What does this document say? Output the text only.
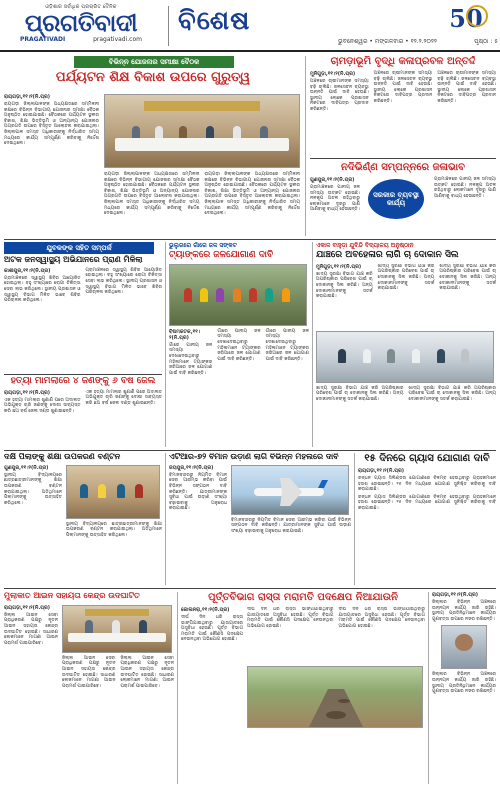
ଓଡ଼ିଶାର ସର୍ବାଧିକ ପ୍ରଚାରିତ ଦୈନିକ
ପ୍ରଗତିବାଦୀ
PRAGATIVADI	pragativadi.com
ବିଶେଷ	50
ଭୁବନେଶ୍ୱର • ମଙ୍ଗଳବାର • ୧୨.୨.୨୦୨୨	ପୃଷ୍ଠା : ୫
ବିଭିନ୍ନ ଯୋଜନାର ସମୀକ୍ଷା ବୈଠକ
ପର୍ଯ୍ୟଟନ ଶିକ୍ଷ ବିକାଶ ଉପରେ ଗୁରୁତ୍ୱ
ରାୟଗଡ଼ା,୧୧।୨(ନି.ପ୍ର)
ରାୟଗଡ଼ା ଜିଲ୍ଲାପାଳଙ୍କ ଅଧ୍ୟକ୍ଷତାରେ ସମ୍ମିଳନୀ କକ୍ଷରେ ବିଭିନ୍ନ ବିଭାଗୀୟ ଯୋଜନାର ସମୀକ୍ଷା ବୈଠକ ଅନୁଷ୍ଠିତ ହୋଇଯାଇଛି। ବୈଠକରେ ପର୍ଯ୍ୟଟନ ସ୍ଥଳୀର ବିକାଶ, ଶିକ୍ଷା ଭିତ୍ତିଭୂମି ଓ ଅନ୍ୟାନ୍ୟ ଯୋଜନାର ଅଗ୍ରଗତି ଉପରେ ବିସ୍ତୃତ ଆଲୋଚନା କରାଯାଇଥିଲା। ଜିଲ୍ଲାପାଳ ସମସ୍ତ ଅଧିକାରୀଙ୍କୁ ନିର୍ଦ୍ଧାରିତ ସମୟ ମଧ୍ୟରେ କାର୍ଯ୍ୟ ସମ୍ପୂର୍ଣ୍ଣ କରିବାକୁ ନିର୍ଦ୍ଦେଶ ଦେଇଥିଲେ।
ରାୟଗଡ଼ା ଜିଲ୍ଲାପାଳଙ୍କ ଅଧ୍ୟକ୍ଷତାରେ ସମ୍ମିଳନୀ କକ୍ଷରେ ବିଭିନ୍ନ ବିଭାଗୀୟ ଯୋଜନାର ସମୀକ୍ଷା ବୈଠକ ଅନୁଷ୍ଠିତ ହୋଇଯାଇଛି। ବୈଠକରେ ପର୍ଯ୍ୟଟନ ସ୍ଥଳୀର ବିକାଶ, ଶିକ୍ଷା ଭିତ୍ତିଭୂମି ଓ ଅନ୍ୟାନ୍ୟ ଯୋଜନାର ଅଗ୍ରଗତି ଉପରେ ବିସ୍ତୃତ ଆଲୋଚନା କରାଯାଇଥିଲା। ଜିଲ୍ଲାପାଳ ସମସ୍ତ ଅଧିକାରୀଙ୍କୁ ନିର୍ଦ୍ଧାରିତ ସମୟ ମଧ୍ୟରେ କାର୍ଯ୍ୟ ସମ୍ପୂର୍ଣ୍ଣ କରିବାକୁ ନିର୍ଦ୍ଦେଶ ଦେଇଥିଲେ।
ରାୟଗଡ଼ା ଜିଲ୍ଲାପାଳଙ୍କ ଅଧ୍ୟକ୍ଷତାରେ ସମ୍ମିଳନୀ କକ୍ଷରେ ବିଭିନ୍ନ ବିଭାଗୀୟ ଯୋଜନାର ସମୀକ୍ଷା ବୈଠକ ଅନୁଷ୍ଠିତ ହୋଇଯାଇଛି। ବୈଠକରେ ପର୍ଯ୍ୟଟନ ସ୍ଥଳୀର ବିକାଶ, ଶିକ୍ଷା ଭିତ୍ତିଭୂମି ଓ ଅନ୍ୟାନ୍ୟ ଯୋଜନାର ଅଗ୍ରଗତି ଉପରେ ବିସ୍ତୃତ ଆଲୋଚନା କରାଯାଇଥିଲା। ଜିଲ୍ଲାପାଳ ସମସ୍ତ ଅଧିକାରୀଙ୍କୁ ନିର୍ଦ୍ଧାରିତ ସମୟ ମଧ୍ୟରେ କାର୍ଯ୍ୟ ସମ୍ପୂର୍ଣ୍ଣ କରିବାକୁ ନିର୍ଦ୍ଦେଶ ଦେଇଥିଲେ।
ଚାମଡ଼ାଭୂମି ବୃଦ୍ଧି କଳାପ୍ରବଳ ଅନ୍ତର୍ଦ୍ଦ
ମୁନିଗୁଡ଼ା,୧୧।୨(ନି.ପ୍ର)
ଅଞ୍ଚଳରେ ଚାଷୀମାନଙ୍କ ସମସ୍ୟା ବଢ଼ି ଚାଲିଛି। ଜଳସେଚନ ବ୍ୟବସ୍ଥା ଉନ୍ନତି ପାଇଁ ଦାବି ହେଉଛି। ସ୍ଥାନୀୟ ଲୋକେ ପ୍ରଶାସନ ନିକଟରେ ଦାବିପତ୍ର ପ୍ରଦାନ କରିଛନ୍ତି।
ଅଞ୍ଚଳରେ ଚାଷୀମାନଙ୍କ ସମସ୍ୟା ବଢ଼ି ଚାଲିଛି। ଜଳସେଚନ ବ୍ୟବସ୍ଥା ଉନ୍ନତି ପାଇଁ ଦାବି ହେଉଛି। ସ୍ଥାନୀୟ ଲୋକେ ପ୍ରଶାସନ ନିକଟରେ ଦାବିପତ୍ର ପ୍ରଦାନ କରିଛନ୍ତି।
ଅଞ୍ଚଳରେ ଚାଷୀମାନଙ୍କ ସମସ୍ୟା ବଢ଼ି ଚାଲିଛି। ଜଳସେଚନ ବ୍ୟବସ୍ଥା ଉନ୍ନତି ପାଇଁ ଦାବି ହେଉଛି। ସ୍ଥାନୀୟ ଲୋକେ ପ୍ରଶାସନ ନିକଟରେ ଦାବିପତ୍ର ପ୍ରଦାନ କରିଛନ୍ତି।
ନଦିଭିର୍ଣ୍ଣ ସମ୍ପନ୍ନରେ ଜଳାଭାବ
ଗୁଣପୁର,୧୧।୨(ନି.ପ୍ର)
ଗ୍ରାମାଞ୍ଚଳରେ ପାନୀୟ ଜଳ ସମସ୍ୟା ଉତ୍କଟ ହୋଇଛି। ନଳକୂପ ଅଚଳ ରହିଥିବାରୁ ଲୋକମାନେ ଦୂରରୁ ପାଣି ଆଣିବାକୁ ବାଧ୍ୟ ହେଉଛନ୍ତି।
ସରକାର ବ୍ୟବସ୍ଥା କାର୍ଯ୍ୟ
ଗ୍ରାମାଞ୍ଚଳରେ ପାନୀୟ ଜଳ ସମସ୍ୟା ଉତ୍କଟ ହୋଇଛି। ନଳକୂପ ଅଚଳ ରହିଥିବାରୁ ଲୋକମାନେ ଦୂରରୁ ପାଣି ଆଣିବାକୁ ବାଧ୍ୟ ହେଉଛନ୍ତି।
ଯୁବକଙ୍କ ସହିତ ସମ୍ପର୍କ
ଅଟକ ଜନସ୍ୱାସ୍ଥ୍ୟ ଅଭିଯାନରେ ପ୍ରାଣ ମିଳିଲା
କାଶୀପୁର,୧୧।୨(ନି.ପ୍ର)
ଗ୍ରାମାଞ୍ଚଳରେ ସ୍ୱାସ୍ଥ୍ୟ ଶିବିର ଆୟୋଜିତ ହୋଇଥିଲା। ବହୁ ସଂଖ୍ୟାରେ ରୋଗୀ ଚିକିତ୍ସା ସେବା ଲାଭ କରିଥିଲେ। ସ୍ଥାନୀୟ ପ୍ରଶାସନ ଓ ସ୍ୱାସ୍ଥ୍ୟ ବିଭାଗ ମିଳିତ ଭାବେ ଶିବିର ପରିଚାଳନା କରିଥିଲେ।
ଗ୍ରାମାଞ୍ଚଳରେ ସ୍ୱାସ୍ଥ୍ୟ ଶିବିର ଆୟୋଜିତ ହୋଇଥିଲା। ବହୁ ସଂଖ୍ୟାରେ ରୋଗୀ ଚିକିତ୍ସା ସେବା ଲାଭ କରିଥିଲେ। ସ୍ଥାନୀୟ ପ୍ରଶାସନ ଓ ସ୍ୱାସ୍ଥ୍ୟ ବିଭାଗ ମିଳିତ ଭାବେ ଶିବିର ପରିଚାଳନା କରିଥିଲେ।
ହତ୍ୟା ମାମଲାରେ ୪ ଜଣଙ୍କୁ ୬ ବର୍ଷ ଜେଲ
ରାୟଗଡ଼ା,୧୧।୨(ନି.ପ୍ର)
ଏକ ହତ୍ୟା ମାମଲାର ଶୁଣାଣି ପରେ ଅଦାଲତ ଅଭିଯୁକ୍ତ ଚାରି ଜଣଙ୍କୁ ଦୋଷୀ ସାବ୍ୟସ୍ତ କରି ଛଅ ବର୍ଷ ଜେଲ ଦଣ୍ଡ ଶୁଣାଇଛନ୍ତି।
ଏକ ହତ୍ୟା ମାମଲାର ଶୁଣାଣି ପରେ ଅଦାଲତ ଅଭିଯୁକ୍ତ ଚାରି ଜଣଙ୍କୁ ଦୋଷୀ ସାବ୍ୟସ୍ତ କରି ଛଅ ବର୍ଷ ଜେଲ ଦଣ୍ଡ ଶୁଣାଇଛନ୍ତି।
ଭୁଲୁଗରେ ଗାଁରେ ଜଳ ସଙ୍କଟ
ଟ୍ୟାଙ୍କରେ ଜଳଯୋଗାଣ ଦାବି
ବିଷମକଟକ,୧୧।୨(ନି.ପ୍ର)
ଗାଁରେ ପାନୀୟ ଜଳ ସମସ୍ୟା ଦେଖାଦେଇଥିବାରୁ ମହିଳାମାନେ ଟ୍ୟାଙ୍କର ଜରିଆରେ ଜଳ ଯୋଗାଣ ପାଇଁ ଦାବି କରିଛନ୍ତି।
ଗାଁରେ ପାନୀୟ ଜଳ ସମସ୍ୟା ଦେଖାଦେଇଥିବାରୁ ମହିଳାମାନେ ଟ୍ୟାଙ୍କର ଜରିଆରେ ଜଳ ଯୋଗାଣ ପାଇଁ ଦାବି କରିଛନ୍ତି।
ଗାଁରେ ପାନୀୟ ଜଳ ସମସ୍ୟା ଦେଖାଦେଇଥିବାରୁ ମହିଳାମାନେ ଟ୍ୟାଙ୍କର ଜରିଆରେ ଜଳ ଯୋଗାଣ ପାଇଁ ଦାବି କରିଛନ୍ତି।
ଏକାଳ ବାହୁଡ଼ା ଯୁବିନ୍ଦି ବିଦ୍ୟାଳୟ ଅନୁଷ୍ଠାନ
ଯାଞ୍ଚରେ ଅବହେଳାର ଲାଗି ଚା ଦୋକାନ ସିଲ
ମୁନିଗୁଡ଼ା,୧୧।୨(ନି.ପ୍ର)
ଖାଦ୍ୟ ସୁରକ୍ଷା ବିଭାଗ ଯାଞ୍ଚ କରି ଅପରିଷ୍କାର ପରିବେଶ ପାଇଁ ଚା ଦୋକାନକୁ ସିଲ କରିଛି। ଅନ୍ୟ ଦୋକାନୀମାନଙ୍କୁ ସତର୍କ କରାଯାଇଛି।
ଖାଦ୍ୟ ସୁରକ୍ଷା ବିଭାଗ ଯାଞ୍ଚ କରି ଅପରିଷ୍କାର ପରିବେଶ ପାଇଁ ଚା ଦୋକାନକୁ ସିଲ କରିଛି। ଅନ୍ୟ ଦୋକାନୀମାନଙ୍କୁ ସତର୍କ କରାଯାଇଛି।
ଖାଦ୍ୟ ସୁରକ୍ଷା ବିଭାଗ ଯାଞ୍ଚ କରି ଅପରିଷ୍କାର ପରିବେଶ ପାଇଁ ଚା ଦୋକାନକୁ ସିଲ କରିଛି। ଅନ୍ୟ ଦୋକାନୀମାନଙ୍କୁ ସତର୍କ କରାଯାଇଛି।
ଖାଦ୍ୟ ସୁରକ୍ଷା ବିଭାଗ ଯାଞ୍ଚ କରି ଅପରିଷ୍କାର ପରିବେଶ ପାଇଁ ଚା ଦୋକାନକୁ ସିଲ କରିଛି। ଅନ୍ୟ ଦୋକାନୀମାନଙ୍କୁ ସତର୍କ କରାଯାଇଛି।
ଖାଦ୍ୟ ସୁରକ୍ଷା ବିଭାଗ ଯାଞ୍ଚ କରି ଅପରିଷ୍କାର ପରିବେଶ ପାଇଁ ଚା ଦୋକାନକୁ ସିଲ କରିଛି। ଅନ୍ୟ ଦୋକାନୀମାନଙ୍କୁ ସତର୍କ କରାଯାଇଛି।
ଦକ୍ଷି ପିଲାଙ୍କୁ ଶିକ୍ଷା ଉପକରଣ ବଣ୍ଟନ
ଗୁଣପୁର,୧୧।୨(ନି.ପ୍ର)
ସ୍ଥାନୀୟ ବିଦ୍ୟାଳୟରେ ଛାତ୍ରଛାତ୍ରୀମାନଙ୍କୁ ଶିକ୍ଷା ଉପକରଣ ବଣ୍ଟନ କରାଯାଇଥିଲା। ଅତିଥିମାନେ ପିଲାମାନଙ୍କୁ ଉତ୍ସାହିତ କରିଥିଲେ।
ସ୍ଥାନୀୟ ବିଦ୍ୟାଳୟରେ ଛାତ୍ରଛାତ୍ରୀମାନଙ୍କୁ ଶିକ୍ଷା ଉପକରଣ ବଣ୍ଟନ କରାଯାଇଥିଲା। ଅତିଥିମାନେ ପିଲାମାନଙ୍କୁ ଉତ୍ସାହିତ କରିଥିଲେ।
ଏଟିଆର-୭୨ ବିମାନ ଉଡ଼ାଣ ଲାଗି ବିଭିନ୍ନ ମହଲରେ ଦାବି
ଜୟପୁର,୧୧।୨(ନି.ପ୍ର)
ବିମାନବନ୍ଦରରୁ ନିୟମିତ ବିମାନ ସେବା ଆରମ୍ଭ କରିବା ପାଇଁ ବିଭିନ୍ନ ସଙ୍ଗଠନ ଦାବି କରିଛନ୍ତି। ଯାତ୍ରୀମାନଙ୍କ ସୁବିଧା ପାଇଁ ଉଡ଼ାଣ ସଂଖ୍ୟା ବଢ଼ାଇବାକୁ ଅନୁରୋଧ କରାଯାଇଛି।
ବିମାନବନ୍ଦରରୁ ନିୟମିତ ବିମାନ ସେବା ଆରମ୍ଭ କରିବା ପାଇଁ ବିଭିନ୍ନ ସଙ୍ଗଠନ ଦାବି କରିଛନ୍ତି। ଯାତ୍ରୀମାନଙ୍କ ସୁବିଧା ପାଇଁ ଉଡ଼ାଣ ସଂଖ୍ୟା ବଢ଼ାଇବାକୁ ଅନୁରୋଧ କରାଯାଇଛି।
୧୫ ଦିନରେ ଗ୍ୟାସ ଯୋଗାଣ ଦାବି
ରାୟଗଡ଼ା,୧୧।୨(ନି.ପ୍ର)
ରନ୍ଧନ ଗ୍ୟାସ ସିଲିଣ୍ଡର ଯୋଗାଣରେ ବିଳମ୍ବ ହେଉଥିବାରୁ ଗ୍ରାହକମାନେ ହତାଶ ହୋଇଛନ୍ତି। ୧୫ ଦିନ ମଧ୍ୟରେ ଯୋଗାଣ ସୁନିଶ୍ଚିତ କରିବାକୁ ଦାବି କରାଯାଇଛି।
ରନ୍ଧନ ଗ୍ୟାସ ସିଲିଣ୍ଡର ଯୋଗାଣରେ ବିଳମ୍ବ ହେଉଥିବାରୁ ଗ୍ରାହକମାନେ ହତାଶ ହୋଇଛନ୍ତି। ୧୫ ଦିନ ମଧ୍ୟରେ ଯୋଗାଣ ସୁନିଶ୍ଚିତ କରିବାକୁ ଦାବି କରାଯାଇଛି।
ମୁଲାକାତ ଆଇନ ସହାୟତା କେନ୍ଦ୍ର ଉଦଘାଟିତ
ରାୟଗଡ଼ା,୧୧।୨(ନି.ପ୍ର)
ଜିଲ୍ଲା ଆଇନ ସେବା ପ୍ରାଧିକରଣ ପକ୍ଷରୁ ନୂତନ ଆଇନ ସହାୟତା କେନ୍ଦ୍ର ଉଦଘାଟିତ ହୋଇଛି। ସାଧାରଣ ଲୋକମାନେ ମାଗଣା ଆଇନ ପରାମର୍ଶ ପାଇପାରିବେ।
ଜିଲ୍ଲା ଆଇନ ସେବା ପ୍ରାଧିକରଣ ପକ୍ଷରୁ ନୂତନ ଆଇନ ସହାୟତା କେନ୍ଦ୍ର ଉଦଘାଟିତ ହୋଇଛି। ସାଧାରଣ ଲୋକମାନେ ମାଗଣା ଆଇନ ପରାମର୍ଶ ପାଇପାରିବେ।
ଜିଲ୍ଲା ଆଇନ ସେବା ପ୍ରାଧିକରଣ ପକ୍ଷରୁ ନୂତନ ଆଇନ ସହାୟତା କେନ୍ଦ୍ର ଉଦଘାଟିତ ହୋଇଛି। ସାଧାରଣ ଲୋକମାନେ ମାଗଣା ଆଇନ ପରାମର୍ଶ ପାଇପାରିବେ।
ପୂର୍ତ୍ତବିଭାଗ ରାସ୍ତା ମରାମତି ପଦକ୍ଷେପ ନିଆଯାଉନି
କୋଲନରା,୧୧।୨(ନି.ପ୍ର)
ଦୀର୍ଘ ଦିନ ଧରି ରାସ୍ତା ଭାଙ୍ଗିଯାଇଥିବାରୁ ଯାତାୟାତରେ ଅସୁବିଧା ହେଉଛି। ପୂର୍ତ୍ତ ବିଭାଗ ମରାମତି ପାଇଁ କୌଣସି ପଦକ୍ଷେପ ନେଉନଥିବା ଅଭିଯୋଗ ହୋଇଛି।
ଦୀର୍ଘ ଦିନ ଧରି ରାସ୍ତା ଭାଙ୍ଗିଯାଇଥିବାରୁ ଯାତାୟାତରେ ଅସୁବିଧା ହେଉଛି। ପୂର୍ତ୍ତ ବିଭାଗ ମରାମତି ପାଇଁ କୌଣସି ପଦକ୍ଷେପ ନେଉନଥିବା ଅଭିଯୋଗ ହୋଇଛି।
ଦୀର୍ଘ ଦିନ ଧରି ରାସ୍ତା ଭାଙ୍ଗିଯାଇଥିବାରୁ ଯାତାୟାତରେ ଅସୁବିଧା ହେଉଛି। ପୂର୍ତ୍ତ ବିଭାଗ ମରାମତି ପାଇଁ କୌଣସି ପଦକ୍ଷେପ ନେଉନଥିବା ଅଭିଯୋଗ ହୋଇଛି।
ରାୟଗଡ଼ା,୧୧।୨(ନି.ପ୍ର)
ଜିଲ୍ଲାର ବିଭିନ୍ନ ଅଞ୍ଚଳରେ ଉନ୍ନୟନ କାର୍ଯ୍ୟ ଜାରି ରହିଛି। ସ୍ଥାନୀୟ ପ୍ରତିନିଧିମାନେ କାର୍ଯ୍ୟର ଗୁଣବତ୍ତା ଉପରେ ନଜର ରଖିଛନ୍ତି।
ଜିଲ୍ଲାର ବିଭିନ୍ନ ଅଞ୍ଚଳରେ ଉନ୍ନୟନ କାର୍ଯ୍ୟ ଜାରି ରହିଛି। ସ୍ଥାନୀୟ ପ୍ରତିନିଧିମାନେ କାର୍ଯ୍ୟର ଗୁଣବତ୍ତା ଉପରେ ନଜର ରଖିଛନ୍ତି।
